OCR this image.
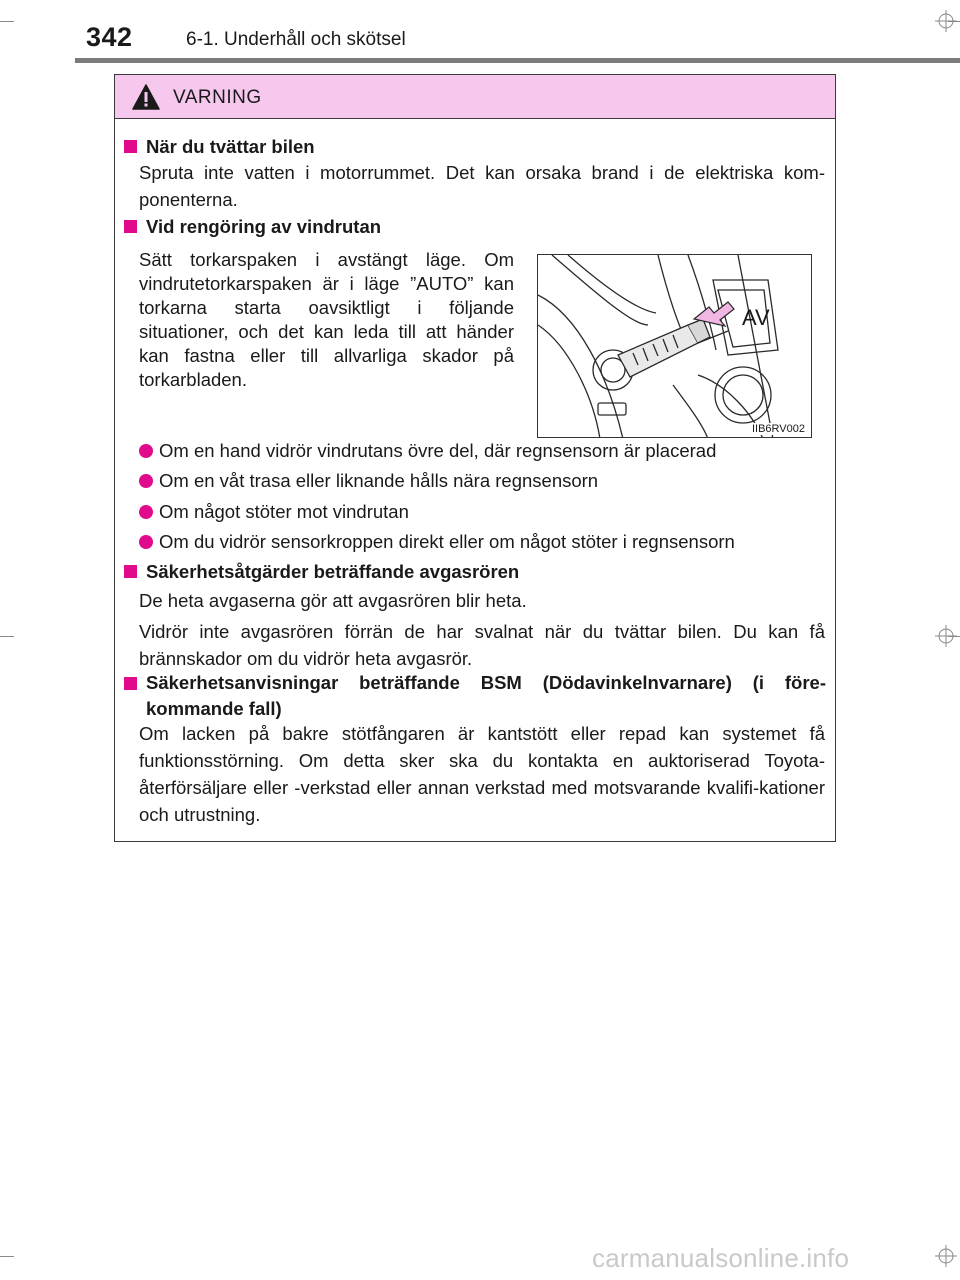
342	6-1. Underhåll och skötsel
VARNING
När du tvättar bilen
Spruta inte vatten i motorrummet. Det kan orsaka brand i de elektriska kom-ponenterna.
Vid rengöring av vindrutan
Sätt torkarspaken i avstängt läge. Om vindrutetorkarspaken är i läge ”AUTO” kan torkarna starta oavsiktligt i följande situationer, och det kan leda till att händer kan fastna eller till allvarliga skador på torkarbladen.
AV
IIB6RV002
Om en hand vidrör vindrutans övre del, där regnsensorn är placerad
Om en våt trasa eller liknande hålls nära regnsensorn
Om något stöter mot vindrutan
Om du vidrör sensorkroppen direkt eller om något stöter i regnsensorn
Säkerhetsåtgärder beträffande avgasrören
De heta avgaserna gör att avgasrören blir heta.
Vidrör inte avgasrören förrän de har svalnat när du tvättar bilen. Du kan få brännskador om du vidrör heta avgasrör.
Säkerhetsanvisningar beträffande BSM (Dödavinkelnvarnare) (i före-kommande fall)
Om lacken på bakre stötfångaren är kantstött eller repad kan systemet få funktionsstörning. Om detta sker ska du kontakta en auktoriserad Toyota-återförsäljare eller -verkstad eller annan verkstad med motsvarande kvalifi-kationer och utrustning.
carmanualsonline.info
